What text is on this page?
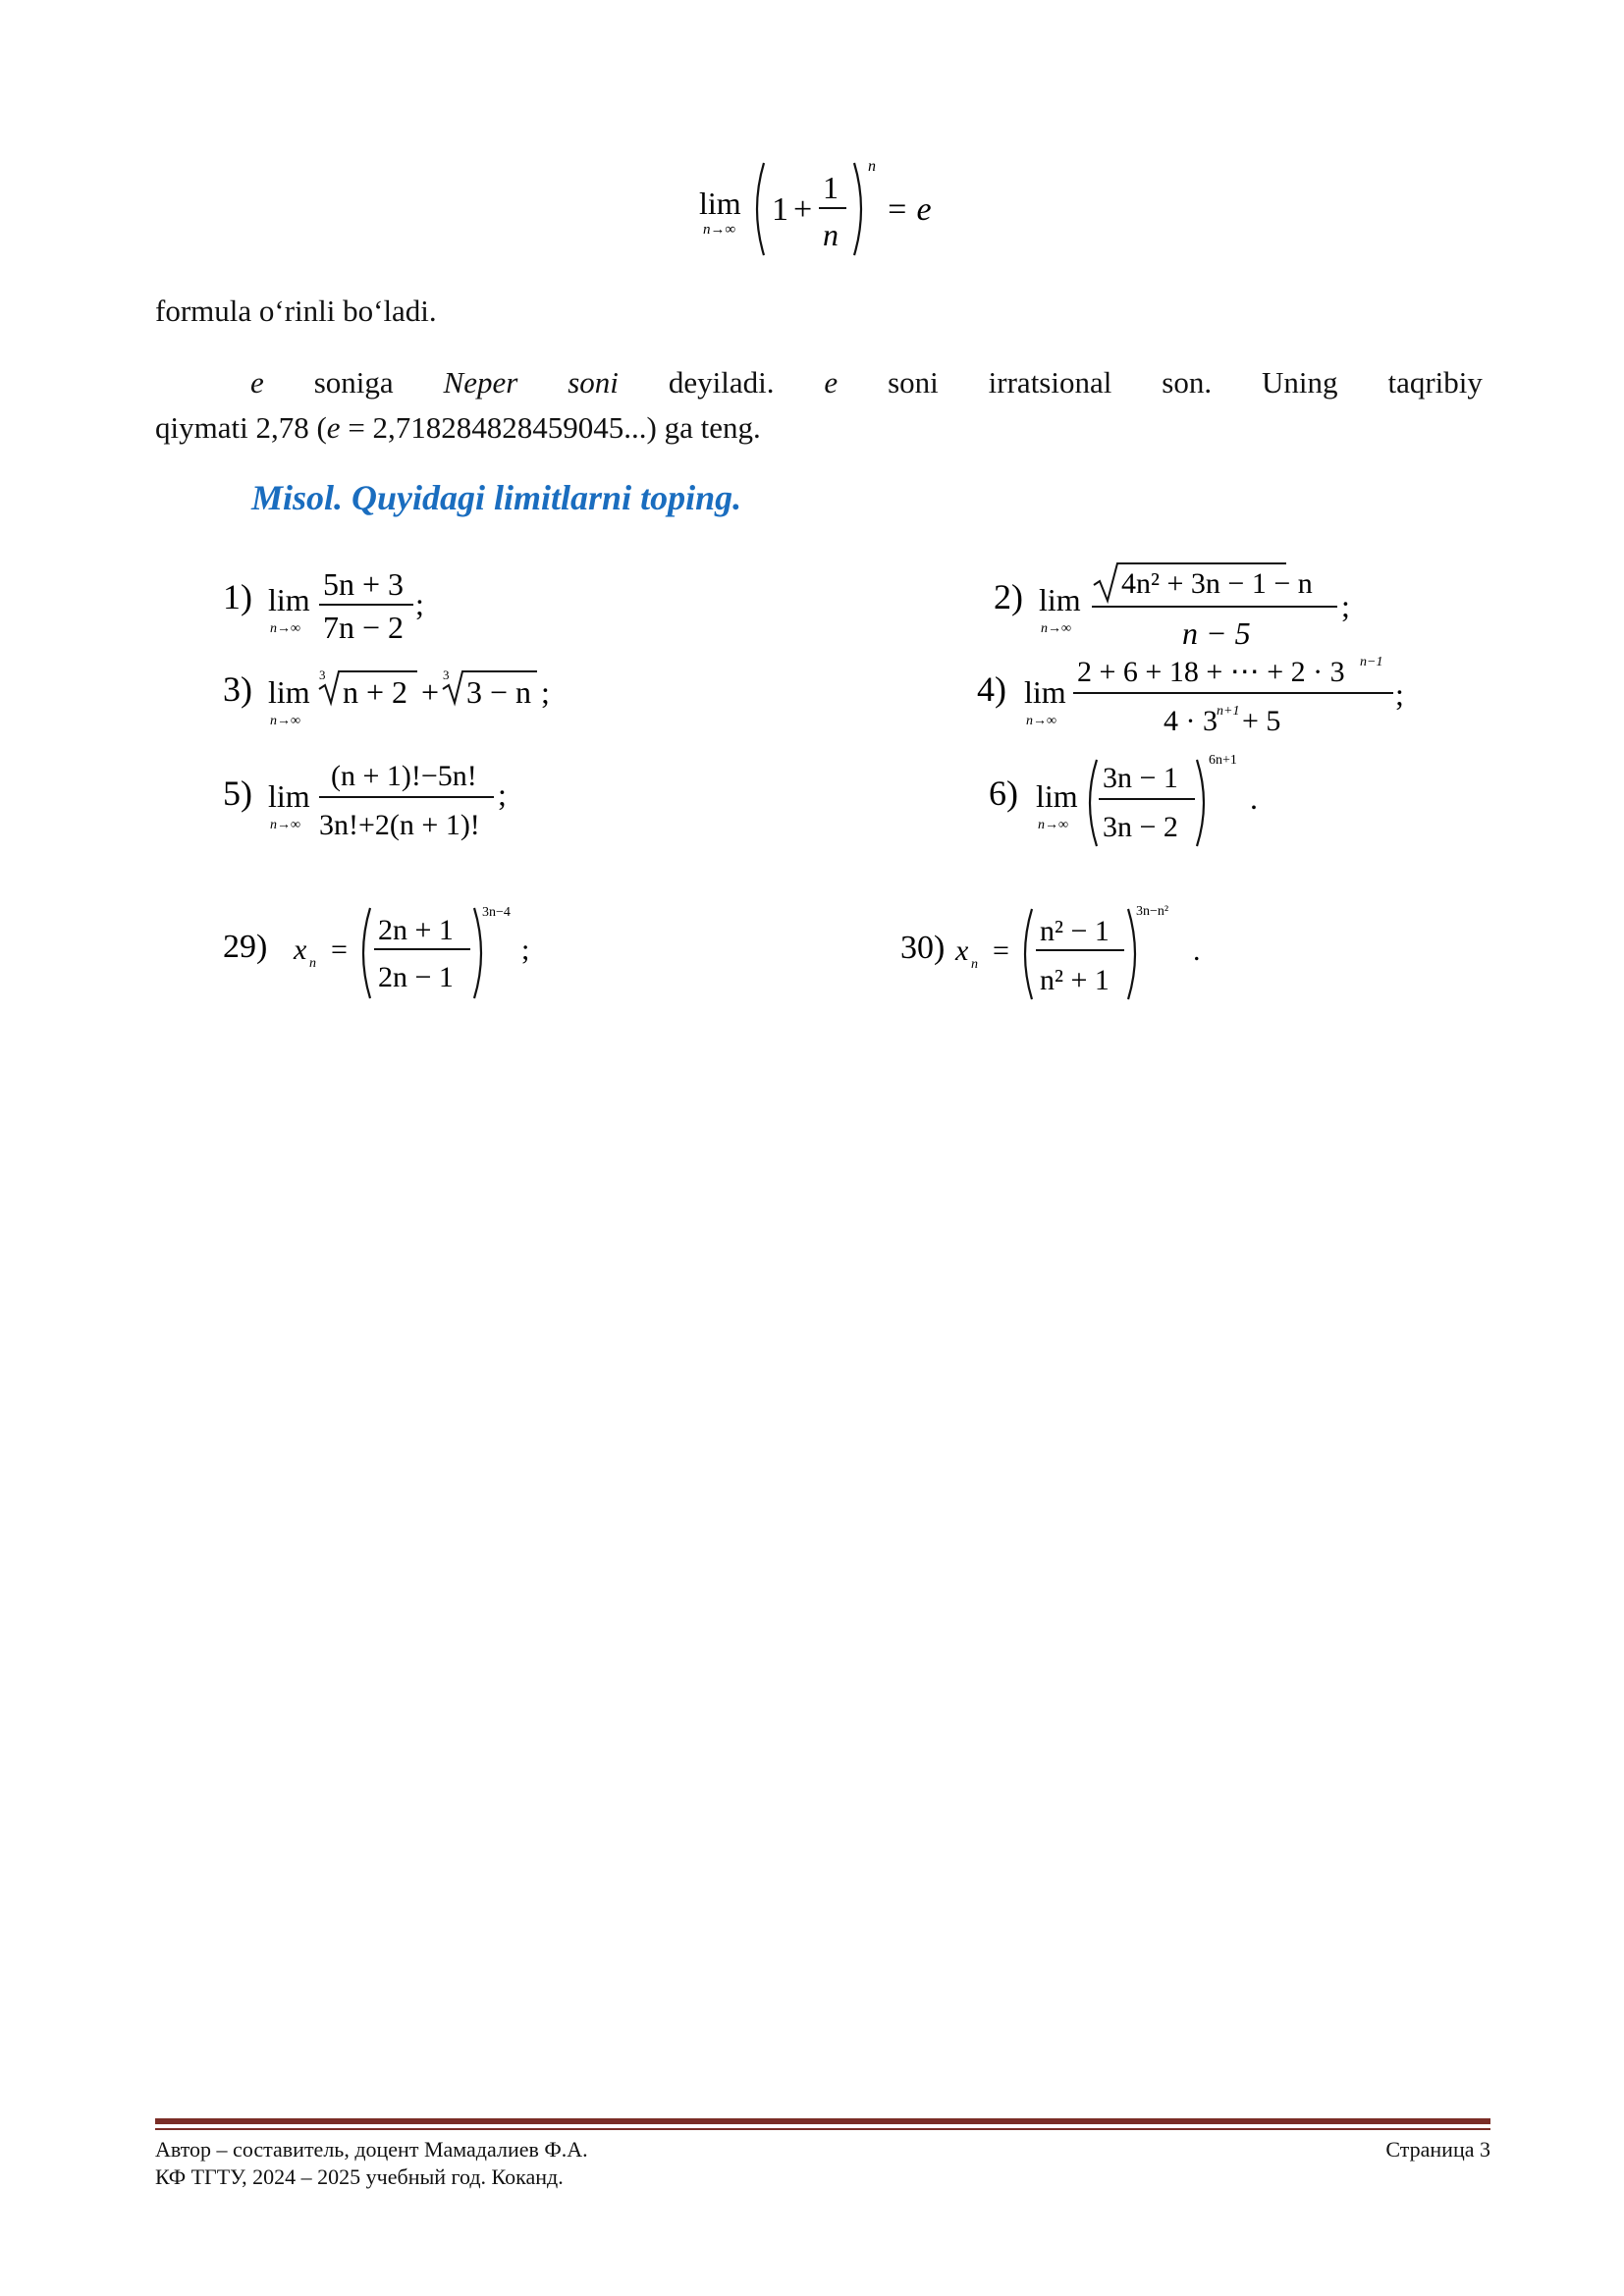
lim
n→∞
1 +
1
n
n
= e
formula o‘rinli bo‘ladi.
e soniga Neper soni deyiladi. e soni irratsional son. Uning taqribiy
qiymati 2,78 (e = 2,718284828459045...) ga teng.
Misol. Quyidagi limitlarni toping.
1) lim
n→∞
5n + 3
7n − 2
;	2) lim
n→∞
4n² + 3n − 1 − n
n − 5
;
3) lim
n→∞
3 n + 2 + 3 3 − n ;	4) lim
n→∞
2 + 6 + 18 + ⋯ + 2 · 3 n−1
4 · 3 n+1 + 5
;
5) lim
n→∞
(n + 1)!−5n!
3n!+2(n + 1)!
;	6) lim
n→∞
3n − 1
3n − 2
6n+1
.
29) x n =
2n + 1
2n − 1
3n−4
;	30) x n =
n² − 1
n² + 1
3n−n²
.
Автор – составитель, доцент Мамадалиев Ф.А.
КФ ТГТУ, 2024 – 2025 учебный год. Коканд.
Страница 3
